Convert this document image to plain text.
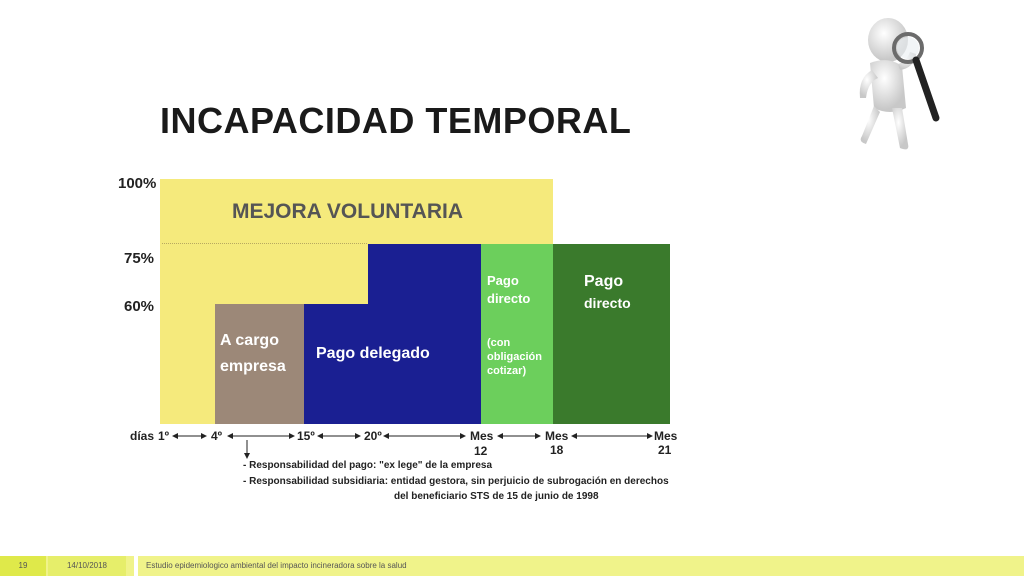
INCAPACIDAD TEMPORAL
100%
75%
60%
MEJORA VOLUNTARIA
A cargo
empresa
Pago delegado
Pago
directo
(con
obligación
cotizar)
Pago
directo
días 1º	4º	15º	20º	Mes
12
Mes
18
Mes
21
- Responsabilidad del pago: "ex lege" de la empresa
- Responsabilidad subsidiaria: entidad gestora, sin perjuicio de subrogación en derechos
del beneficiario STS de 15 de junio de 1998
19	14/10/2018	Estudio epidemiologico ambiental del impacto incineradora sobre la salud
